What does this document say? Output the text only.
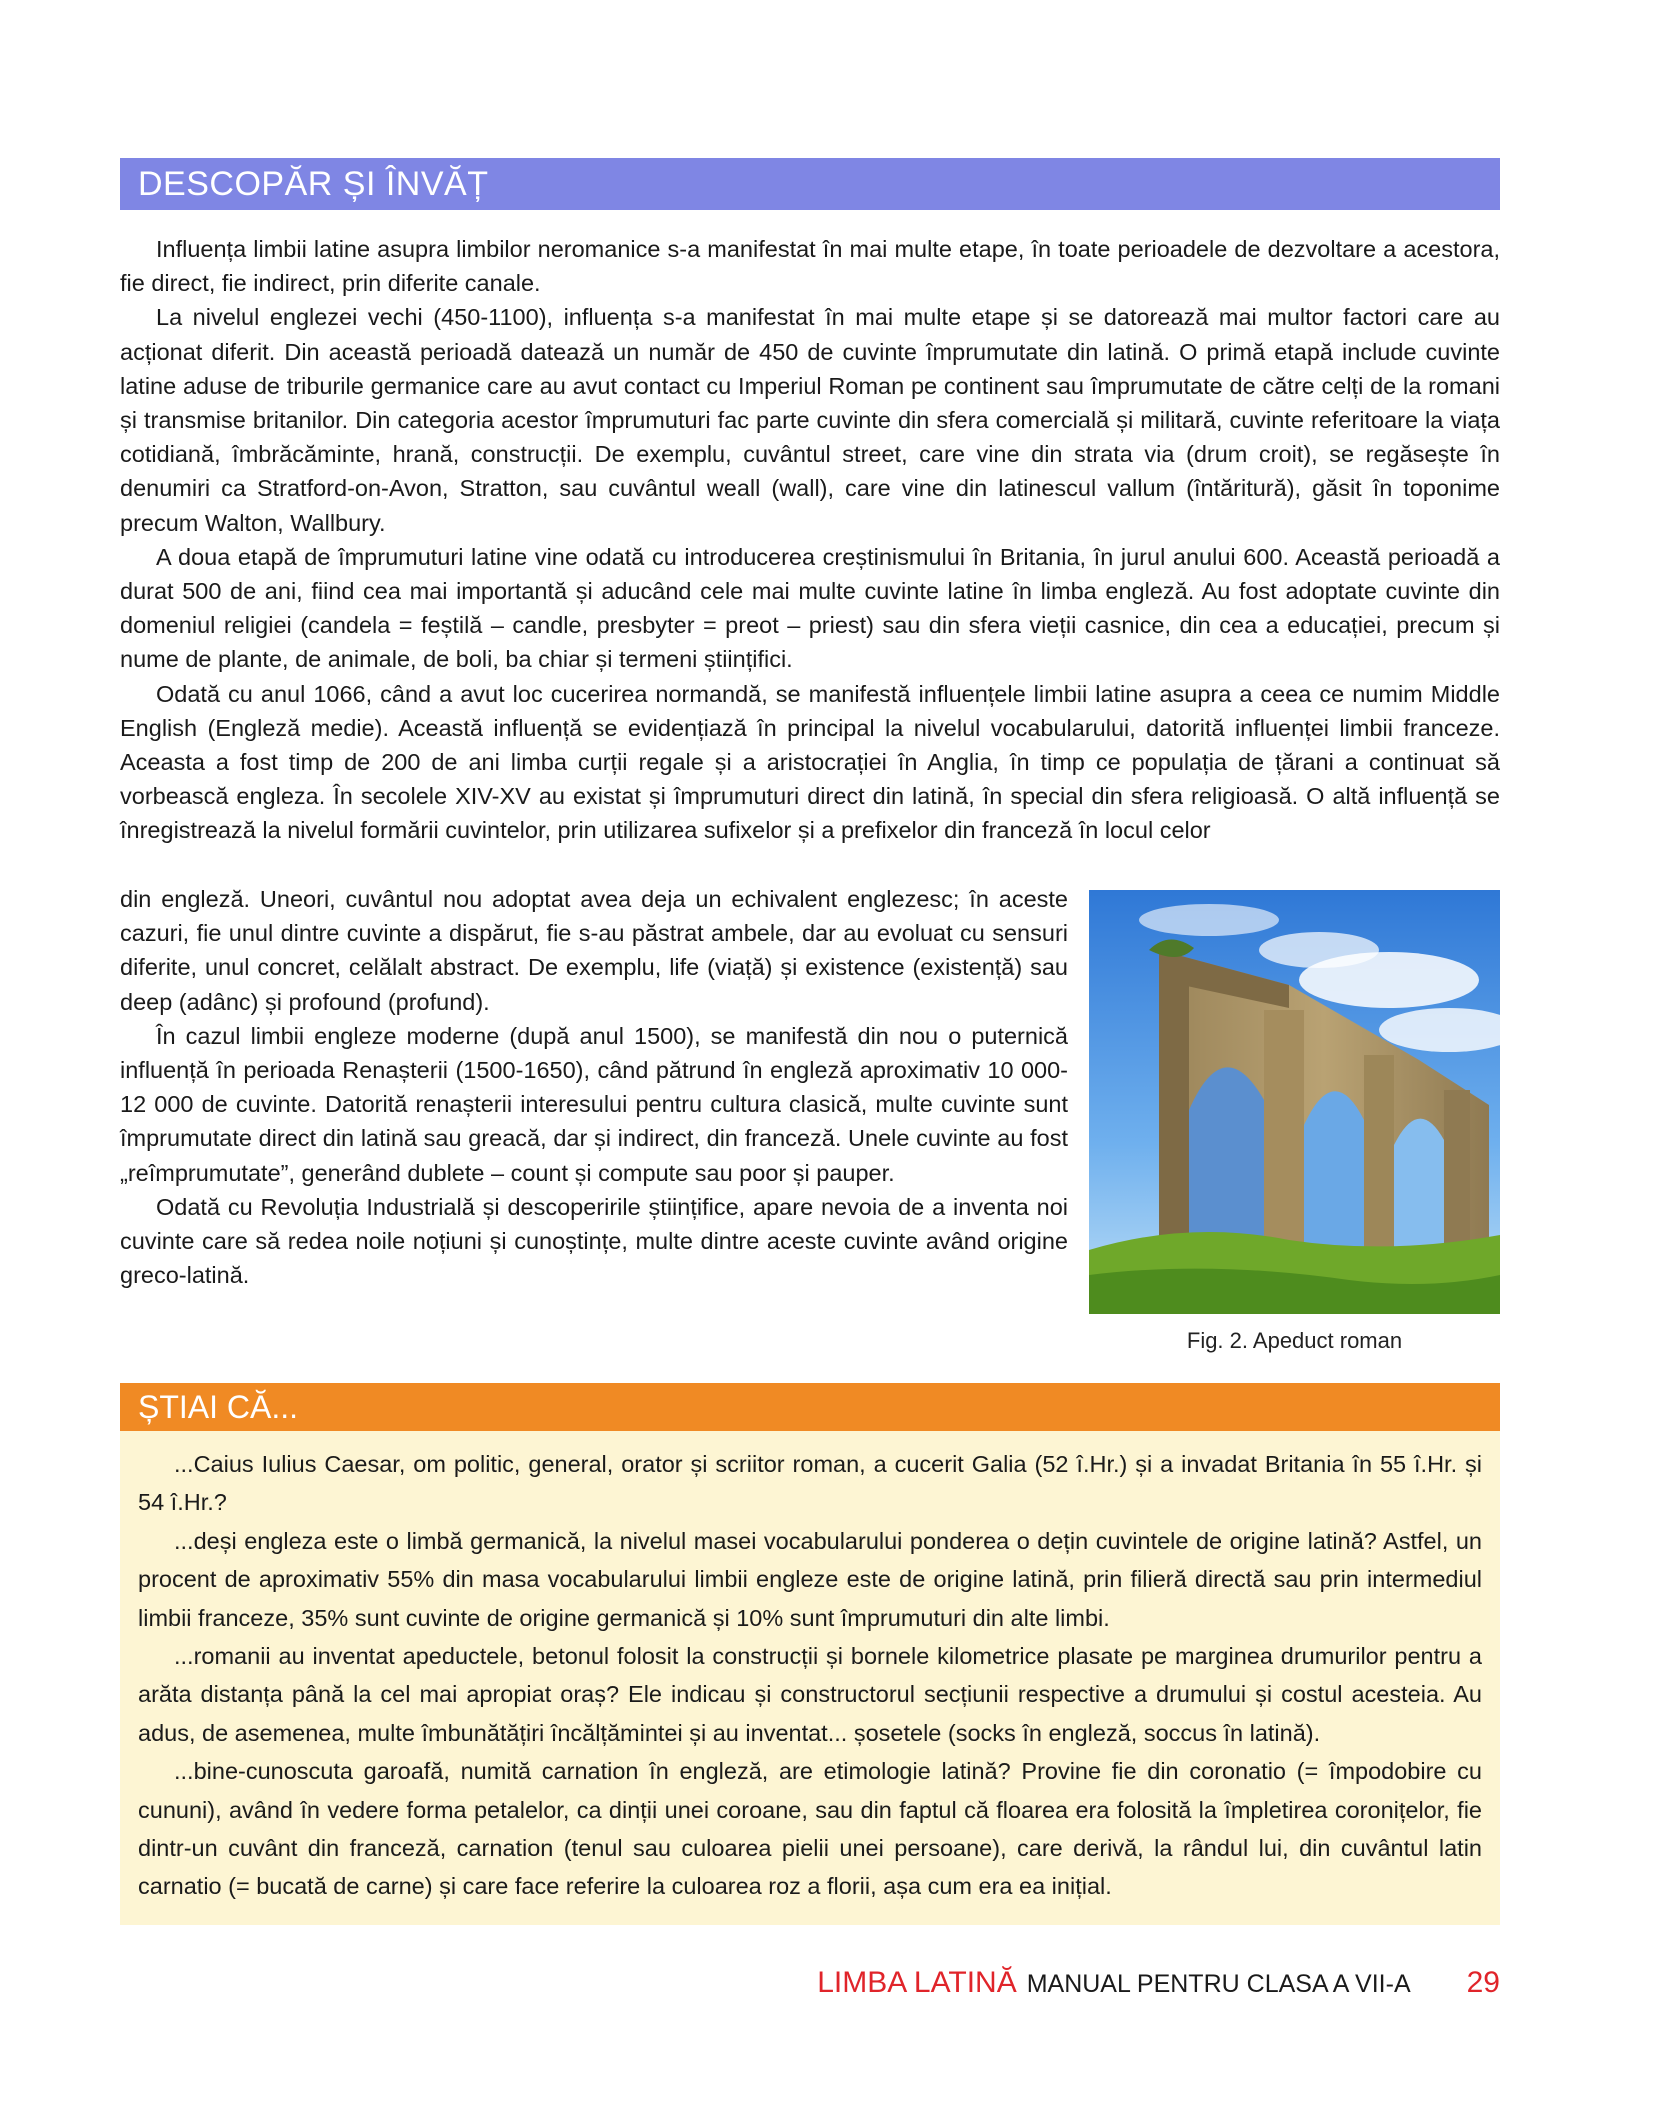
DESCOPĂR ȘI ÎNVĂȚ

Influența limbii latine asupra limbilor neromanice s-a manifestat în mai multe etape, în toate perioadele de dezvoltare a acestora, fie direct, fie indirect, prin diferite canale.

La nivelul englezei vechi (450-1100), influența s-a manifestat în mai multe etape și se datorează mai multor factori care au acționat diferit. Din această perioadă datează un număr de 450 de cuvinte împrumutate din latină. O primă etapă include cuvinte latine aduse de triburile germanice care au avut contact cu Imperiul Roman pe continent sau împrumutate de către celți de la romani și transmise britanilor. Din categoria acestor împrumuturi fac parte cuvinte din sfera comercială și militară, cuvinte referitoare la viața cotidiană, îmbrăcăminte, hrană, construcții. De exemplu, cuvântul street, care vine din strata via (drum croit), se regăsește în denumiri ca Stratford-on-Avon, Stratton, sau cuvântul weall (wall), care vine din latinescul vallum (întăritură), găsit în toponime precum Walton, Wallbury.

A doua etapă de împrumuturi latine vine odată cu introducerea creștinismului în Britania, în jurul anului 600. Această perioadă a durat 500 de ani, fiind cea mai importantă și aducând cele mai multe cuvinte latine în limba engleză. Au fost adoptate cuvinte din domeniul religiei (candela = feștilă – candle, presbyter = preot – priest) sau din sfera vieții casnice, din cea a educației, precum și nume de plante, de animale, de boli, ba chiar și termeni științifici.

Odată cu anul 1066, când a avut loc cucerirea normandă, se manifestă influențele limbii latine asupra a ceea ce numim Middle English (Engleză medie). Această influență se evidențiază în principal la nivelul vocabularului, datorită influenței limbii franceze. Aceasta a fost timp de 200 de ani limba curții regale și a aristocrației în Anglia, în timp ce populația de țărani a continuat să vorbească engleza. În secolele XIV-XV au existat și împrumuturi direct din latină, în special din sfera religioasă. O altă influență se înregistrează la nivelul formării cuvintelor, prin utilizarea sufixelor și a prefixelor din franceză în locul celor

din engleză. Uneori, cuvântul nou adoptat avea deja un echivalent englezesc; în aceste cazuri, fie unul dintre cuvinte a dispărut, fie s-au păstrat ambele, dar au evoluat cu sensuri diferite, unul concret, celălalt abstract. De exemplu, life (viață) și existence (existență) sau deep (adânc) și profound (profund).

În cazul limbii engleze moderne (după anul 1500), se manifestă din nou o puternică influență în perioada Renașterii (1500-1650), când pătrund în engleză aproximativ 10 000-12 000 de cuvinte. Datorită renașterii interesului pentru cultura clasică, multe cuvinte sunt împrumutate direct din latină sau greacă, dar și indirect, din franceză. Unele cuvinte au fost „reîmprumutate”, generând dublete – count și compute sau poor și pauper.

Odată cu Revoluția Industrială și descoperirile științifice, apare nevoia de a inventa noi cuvinte care să redea noile noțiuni și cunoștințe, multe dintre aceste cuvinte având origine greco-latină.

Fig. 2. Apeduct roman
ȘTIAI CĂ...

...Caius Iulius Caesar, om politic, general, orator și scriitor roman, a cucerit Galia (52 î.Hr.) și a invadat Britania în 55 î.Hr. și 54 î.Hr.?

...deși engleza este o limbă germanică, la nivelul masei vocabularului ponderea o dețin cuvintele de origine latină? Astfel, un procent de aproximativ 55% din masa vocabularului limbii engleze este de origine latină, prin filieră directă sau prin intermediul limbii franceze, 35% sunt cuvinte de origine germanică și 10% sunt împrumuturi din alte limbi.

...romanii au inventat apeductele, betonul folosit la construcții și bornele kilometrice plasate pe marginea drumurilor pentru a arăta distanța până la cel mai apropiat oraș? Ele indicau și constructorul secțiunii respective a drumului și costul acesteia. Au adus, de asemenea, multe îmbunătățiri încălțămintei și au inventat... șosetele (socks în engleză, soccus în latină).

...bine-cunoscuta garoafă, numită carnation în engleză, are etimologie latină? Provine fie din coronatio (= împodobire cu cununi), având în vedere forma petalelor, ca dinții unei coroane, sau din faptul că floarea era folosită la împletirea coronițelor, fie dintr-un cuvânt din franceză, carnation (tenul sau culoarea pielii unei persoane), care derivă, la rândul lui, din cuvântul latin carnatio (= bucată de carne) și care face referire la culoarea roz a florii, așa cum era ea inițial.

LIMBA LATINĂ MANUAL PENTRU CLASA A VII-A 29
